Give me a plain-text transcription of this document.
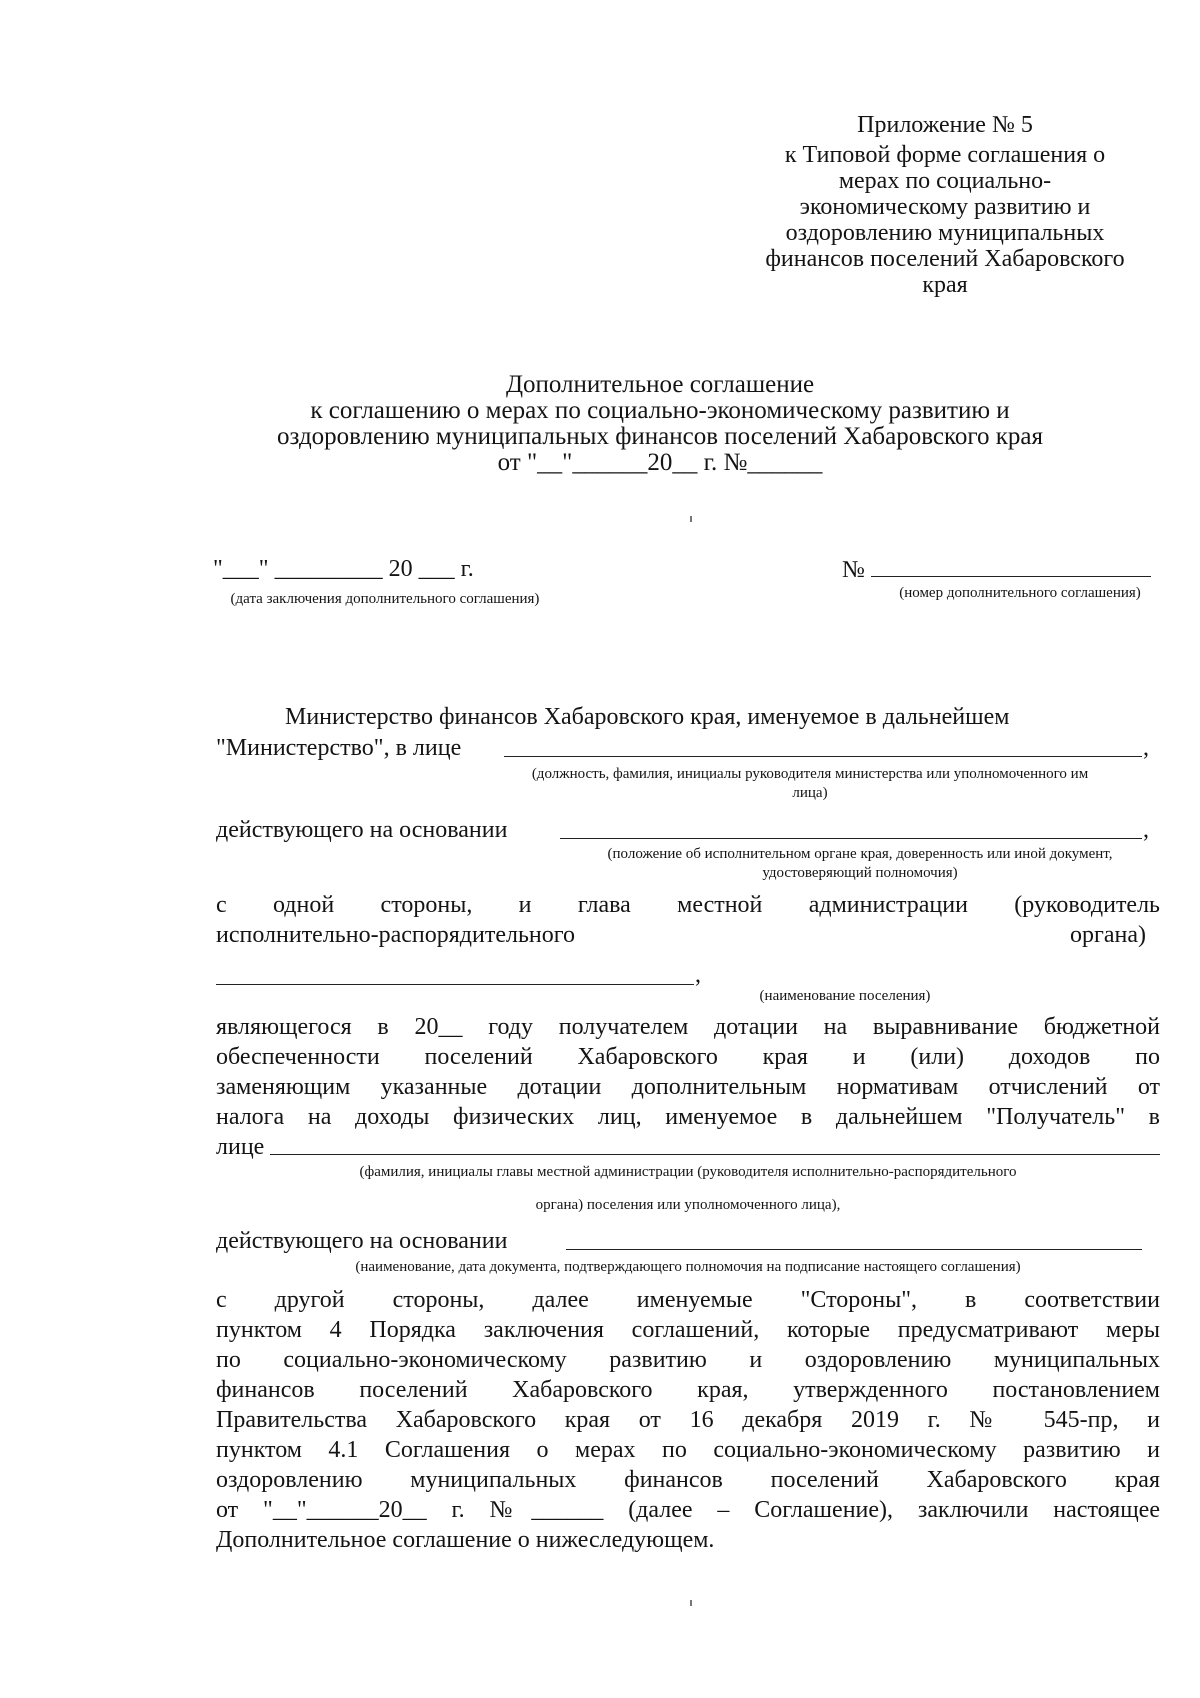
Приложение № 5
к Типовой форме соглашения о
мерах по социально-
экономическому развитию и
оздоровлению муниципальных
финансов поселений Хабаровского
края
Дополнительное соглашение
к соглашению о мерах по социально-экономическому развитию и
оздоровлению муниципальных финансов поселений Хабаровского края
от "__"______20__ г. №______
"___" _________ 20 ___ г.
(дата заключения дополнительного соглашения)
№
(номер дополнительного соглашения)
Министерство финансов Хабаровского края, именуемое в дальнейшем
"Министерство", в лице	,
(должность, фамилия, инициалы руководителя министерства или уполномоченного им лица)
действующего на основании	,
(положение об исполнительном органе края, доверенность или иной документ, удостоверяющий полномочия)
с одной стороны, и глава местной администрации (руководитель
исполнительно-распорядительного	органа)
,
(наименование поселения)
являющегося в 20__ году получателем дотации на выравнивание бюджетной
обеспеченности поселений Хабаровского края и (или) доходов по
заменяющим указанные дотации дополнительным нормативам отчислений от
налога на доходы физических лиц, именуемое в дальнейшем "Получатель" в
лице
(фамилия, инициалы главы местной администрации (руководителя исполнительно-распорядительного
органа) поселения или уполномоченного лица),
действующего на основании
(наименование, дата документа, подтверждающего полномочия на подписание настоящего соглашения)
с другой стороны, далее именуемые "Стороны", в соответствии
пунктом 4 Порядка заключения соглашений, которые предусматривают меры
по социально-экономическому развитию и оздоровлению муниципальных
финансов поселений Хабаровского края, утвержденного постановлением
Правительства Хабаровского края от 16 декабря 2019 г. № 545-пр, и
пунктом 4.1 Соглашения о мерах по социально-экономическому развитию и
оздоровлению муниципальных финансов поселений Хабаровского края
от "__"______20__ г. №______ (далее – Соглашение), заключили настоящее
Дополнительное соглашение о нижеследующем.
